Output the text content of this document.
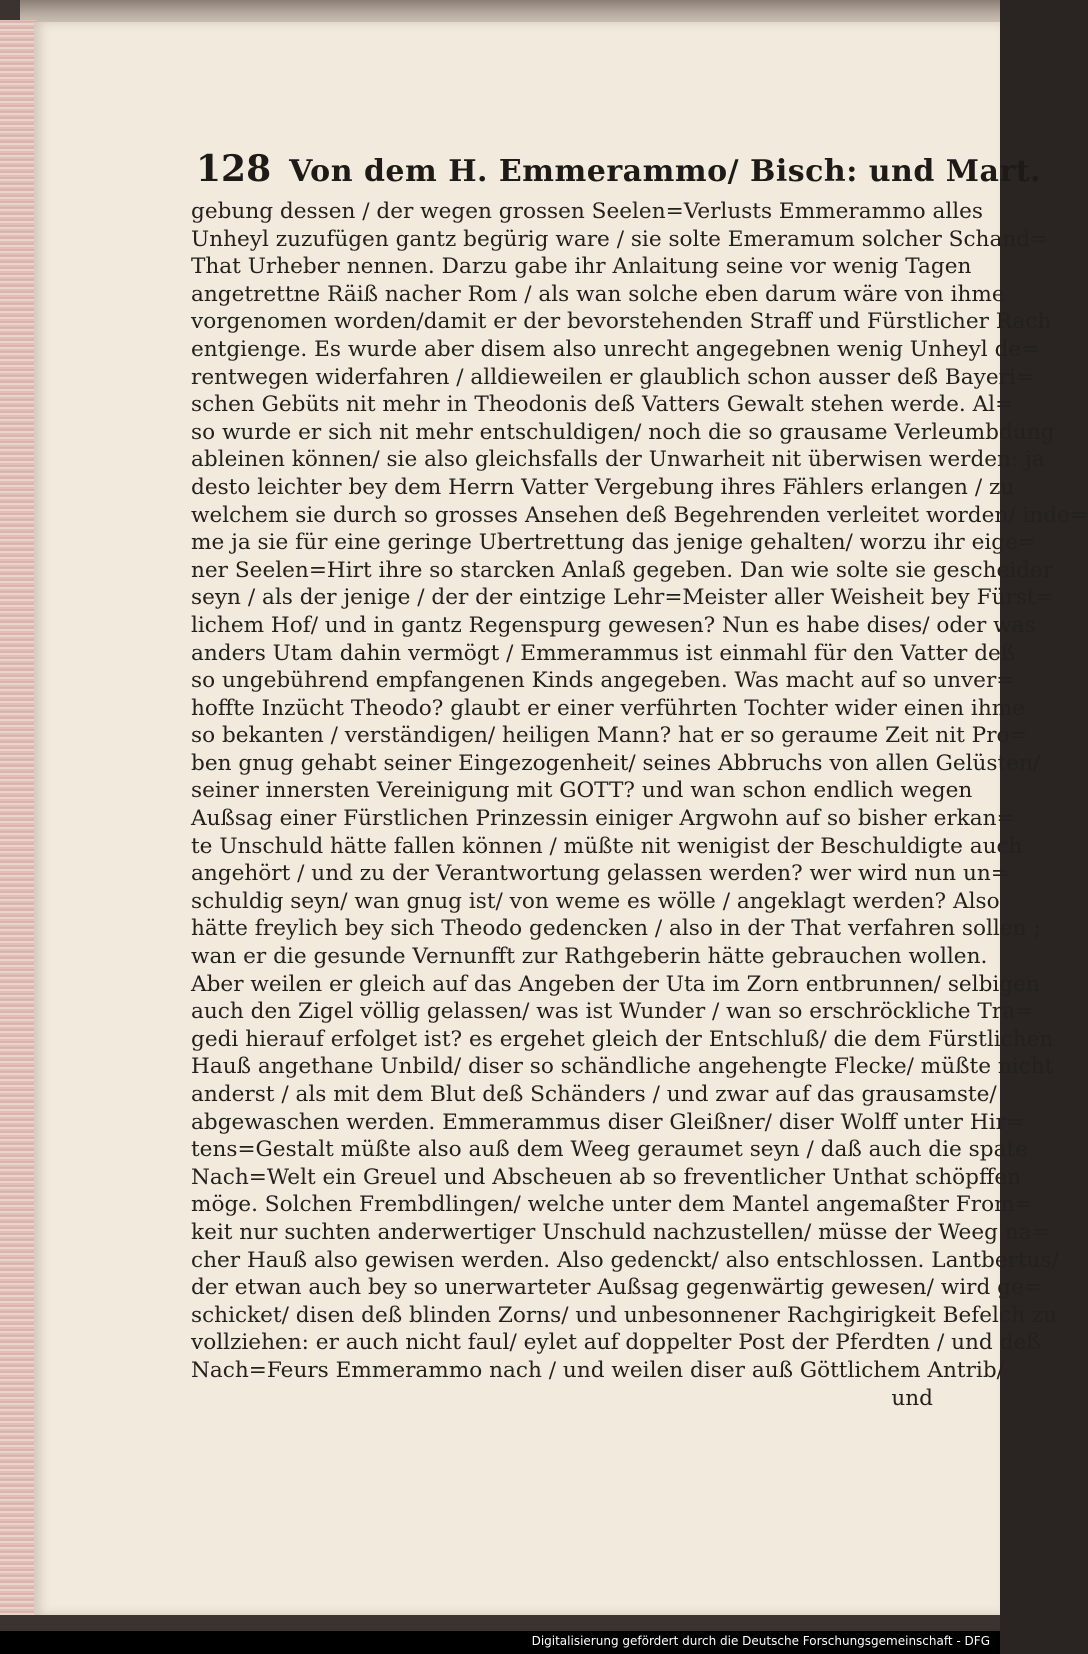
128 Von dem H. Emmerammo/ Bisch: und Mart.
gebung dessen / der wegen grossen Seelen=Verlusts Emmerammo alles
Unheyl zuzufügen gantz begürig ware / sie solte Emeramum solcher Schand=
That Urheber nennen. Darzu gabe ihr Anlaitung seine vor wenig Tagen
angetrettne Räiß nacher Rom / als wan solche eben darum wäre von ihme
vorgenomen worden/damit er der bevorstehenden Straff und Fürstlicher Rach
entgienge. Es wurde aber disem also unrecht angegebnen wenig Unheyl de=
rentwegen widerfahren / alldieweilen er glaublich schon ausser deß Bayeri=
schen Gebüts nit mehr in Theodonis deß Vatters Gewalt stehen werde. Al=
so wurde er sich nit mehr entschuldigen/ noch die so grausame Verleumbdung
ableinen können/ sie also gleichsfalls der Unwarheit nit überwisen werden: ja
desto leichter bey dem Herrn Vatter Vergebung ihres Fählers erlangen / zu
welchem sie durch so grosses Ansehen deß Begehrenden verleitet worden/ inde=
me ja sie für eine geringe Ubertrettung das jenige gehalten/ worzu ihr eige=
ner Seelen=Hirt ihre so starcken Anlaß gegeben. Dan wie solte sie gescheider
seyn / als der jenige / der der eintzige Lehr=Meister aller Weisheit bey Fürst=
lichem Hof/ und in gantz Regenspurg gewesen? Nun es habe dises/ oder was
anders Utam dahin vermögt / Emmerammus ist einmahl für den Vatter deß
so ungebührend empfangenen Kinds angegeben. Was macht auf so unver=
hoffte Inzücht Theodo? glaubt er einer verführten Tochter wider einen ihme
so bekanten / verständigen/ heiligen Mann? hat er so geraume Zeit nit Pro=
ben gnug gehabt seiner Eingezogenheit/ seines Abbruchs von allen Gelüsten/
seiner innersten Vereinigung mit GOTT? und wan schon endlich wegen
Außsag einer Fürstlichen Prinzessin einiger Argwohn auf so bisher erkan=
te Unschuld hätte fallen können / müßte nit wenigist der Beschuldigte auch
angehört / und zu der Verantwortung gelassen werden? wer wird nun un=
schuldig seyn/ wan gnug ist/ von weme es wölle / angeklagt werden? Also
hätte freylich bey sich Theodo gedencken / also in der That verfahren sollen ;
wan er die gesunde Vernunfft zur Rathgeberin hätte gebrauchen wollen.
Aber weilen er gleich auf das Angeben der Uta im Zorn entbrunnen/ selbigen
auch den Zigel völlig gelassen/ was ist Wunder / wan so erschröckliche Tra=
gedi hierauf erfolget ist? es ergehet gleich der Entschluß/ die dem Fürstlichen
Hauß angethane Unbild/ diser so schändliche angehengte Flecke/ müßte nicht
anderst / als mit dem Blut deß Schänders / und zwar auf das grausamste/
abgewaschen werden. Emmerammus diser Gleißner/ diser Wolff unter Hir=
tens=Gestalt müßte also auß dem Weeg geraumet seyn / daß auch die spate
Nach=Welt ein Greuel und Abscheuen ab so freventlicher Unthat schöpffen
möge. Solchen Frembdlingen/ welche unter dem Mantel angemaßter From=
keit nur suchten anderwertiger Unschuld nachzustellen/ müsse der Weeg na=
cher Hauß also gewisen werden. Also gedenckt/ also entschlossen. Lantbertus/
der etwan auch bey so unerwarteter Außsag gegenwärtig gewesen/ wird ge=
schicket/ disen deß blinden Zorns/ und unbesonnener Rachgirigkeit Befelch zu
vollziehen: er auch nicht faul/ eylet auf doppelter Post der Pferdten / und deß
Nach=Feurs Emmerammo nach / und weilen diser auß Göttlichem Antrib/
und
Digitalisierung gefördert durch die Deutsche Forschungsgemeinschaft - DFG
